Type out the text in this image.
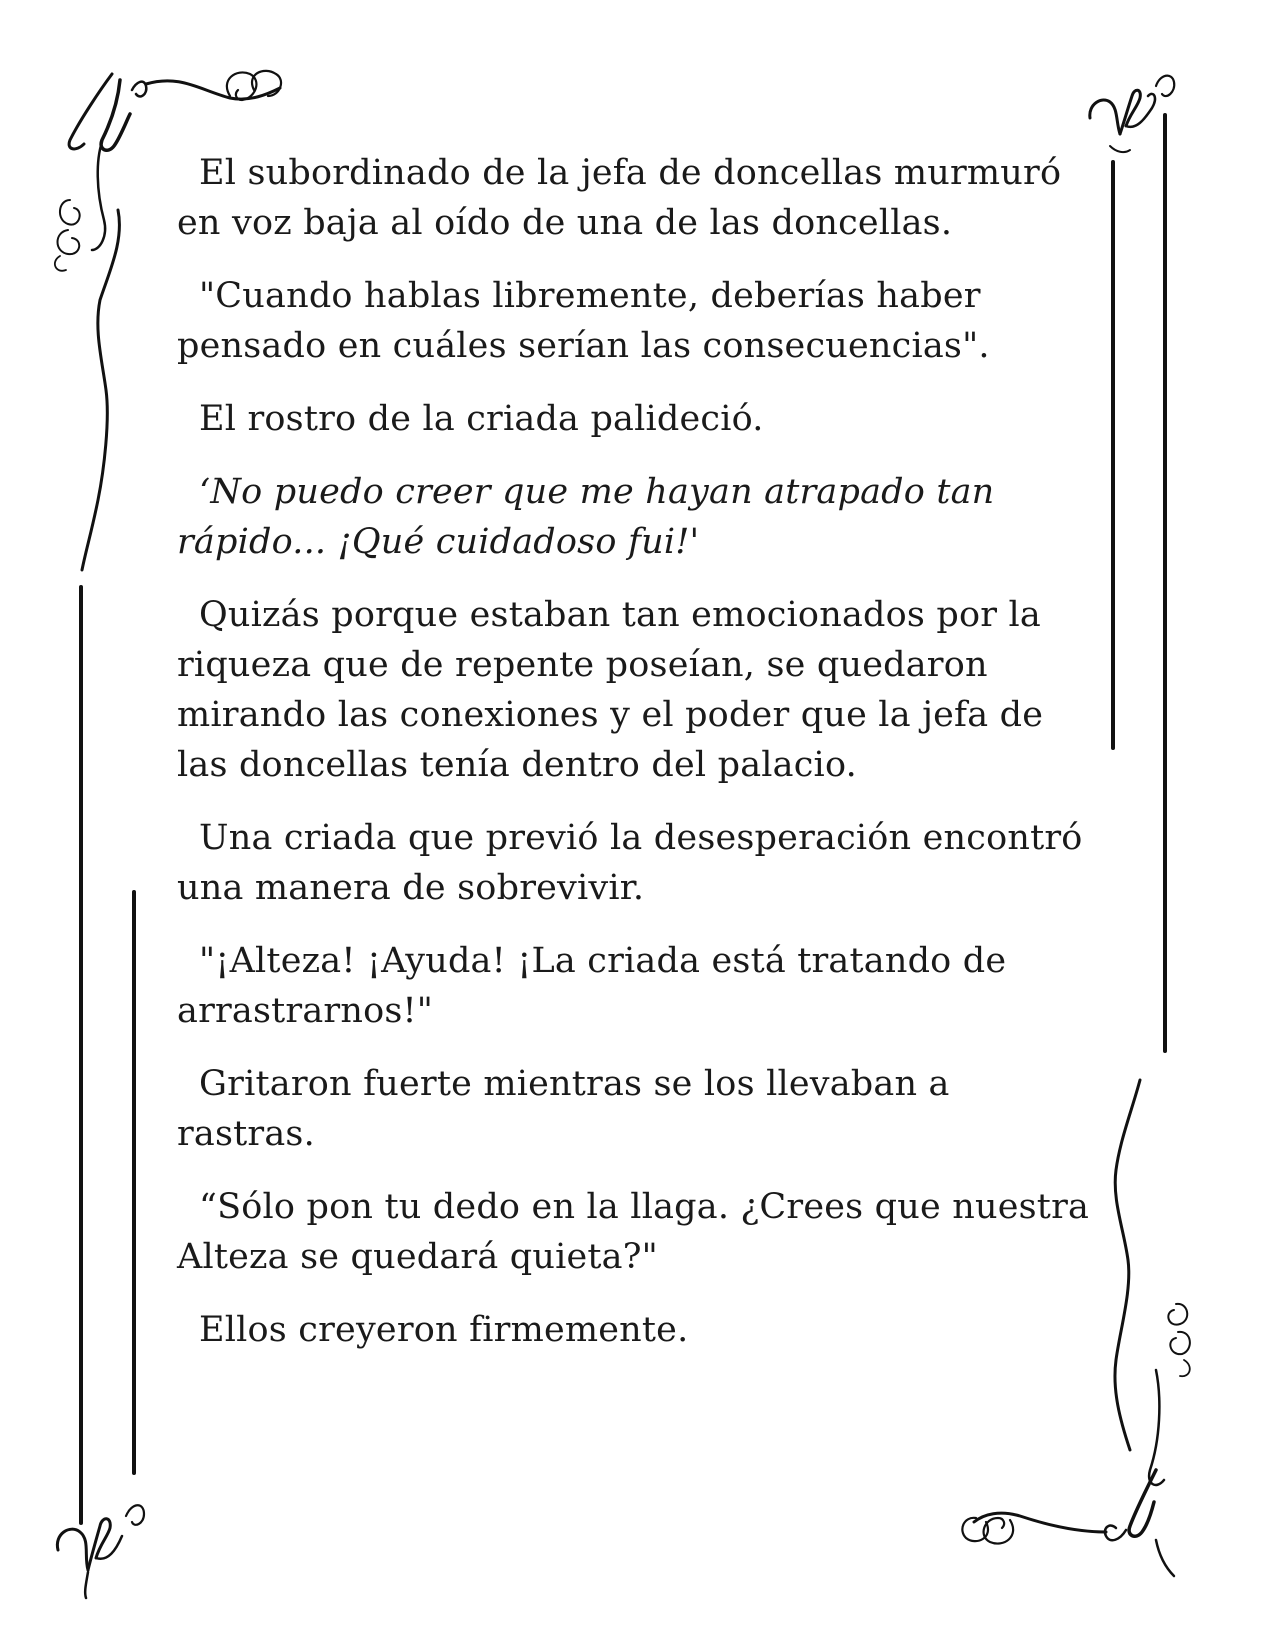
El subordinado de la jefa de doncellas murmuró en voz baja al oído de una de las doncellas.

"Cuando hablas libremente, deberías haber pensado en cuáles serían las consecuencias".

El rostro de la criada palideció.

‘No puedo creer que me hayan atrapado tan rápido... ¡Qué cuidadoso fui!'

Quizás porque estaban tan emocionados por la riqueza que de repente poseían, se quedaron mirando las conexiones y el poder que la jefa de las doncellas tenía dentro del palacio.

Una criada que previó la desesperación encontró una manera de sobrevivir.

"¡Alteza! ¡Ayuda! ¡La criada está tratando de arrastrarnos!"

Gritaron fuerte mientras se los llevaban a rastras.

“Sólo pon tu dedo en la llaga. ¿Crees que nuestra Alteza se quedará quieta?"

Ellos creyeron firmemente.
